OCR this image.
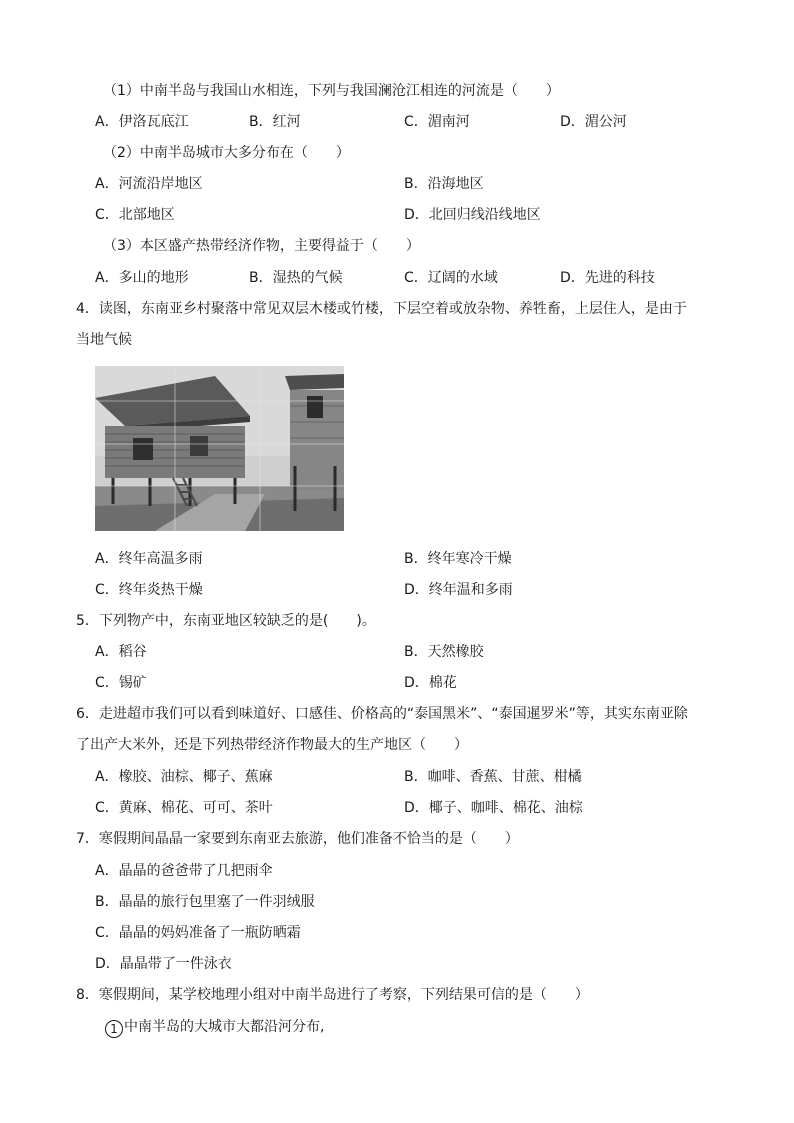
（1）中南半岛与我国山水相连，下列与我国澜沧江相连的河流是（　　）
A．伊洛瓦底江	B．红河	C．湄南河	D．湄公河
（2）中南半岛城市大多分布在（　　）
A．河流沿岸地区	B．沿海地区
C．北部地区	D．北回归线沿线地区
（3）本区盛产热带经济作物，主要得益于（　　）
A．多山的地形	B．湿热的气候	C．辽阔的水域	D．先进的科技
4．读图，东南亚乡村聚落中常见双层木楼或竹楼，下层空着或放杂物、养牲畜，上层住人，是由于
当地气候
A．终年高温多雨	B．终年寒冷干燥
C．终年炎热干燥	D．终年温和多雨
5．下列物产中，东南亚地区较缺乏的是(　　)。
A．稻谷	B．天然橡胶
C．锡矿	D．棉花
6．走进超市我们可以看到味道好、口感佳、价格高的“泰国黑米”、“泰国暹罗米”等，其实东南亚除
了出产大米外，还是下列热带经济作物最大的生产地区（　　）
A．橡胶、油棕、椰子、蕉麻	B．咖啡、香蕉、甘蔗、柑橘
C．黄麻、棉花、可可、茶叶	D．椰子、咖啡、棉花、油棕
7．寒假期间晶晶一家要到东南亚去旅游，他们准备不恰当的是（　　）
A．晶晶的爸爸带了几把雨伞
B．晶晶的旅行包里塞了一件羽绒服
C．晶晶的妈妈准备了一瓶防晒霜
D．晶晶带了一件泳衣
8．寒假期间，某学校地理小组对中南半岛进行了考察，下列结果可信的是（　　）
1 中南半岛的大城市大都沿河分布,
